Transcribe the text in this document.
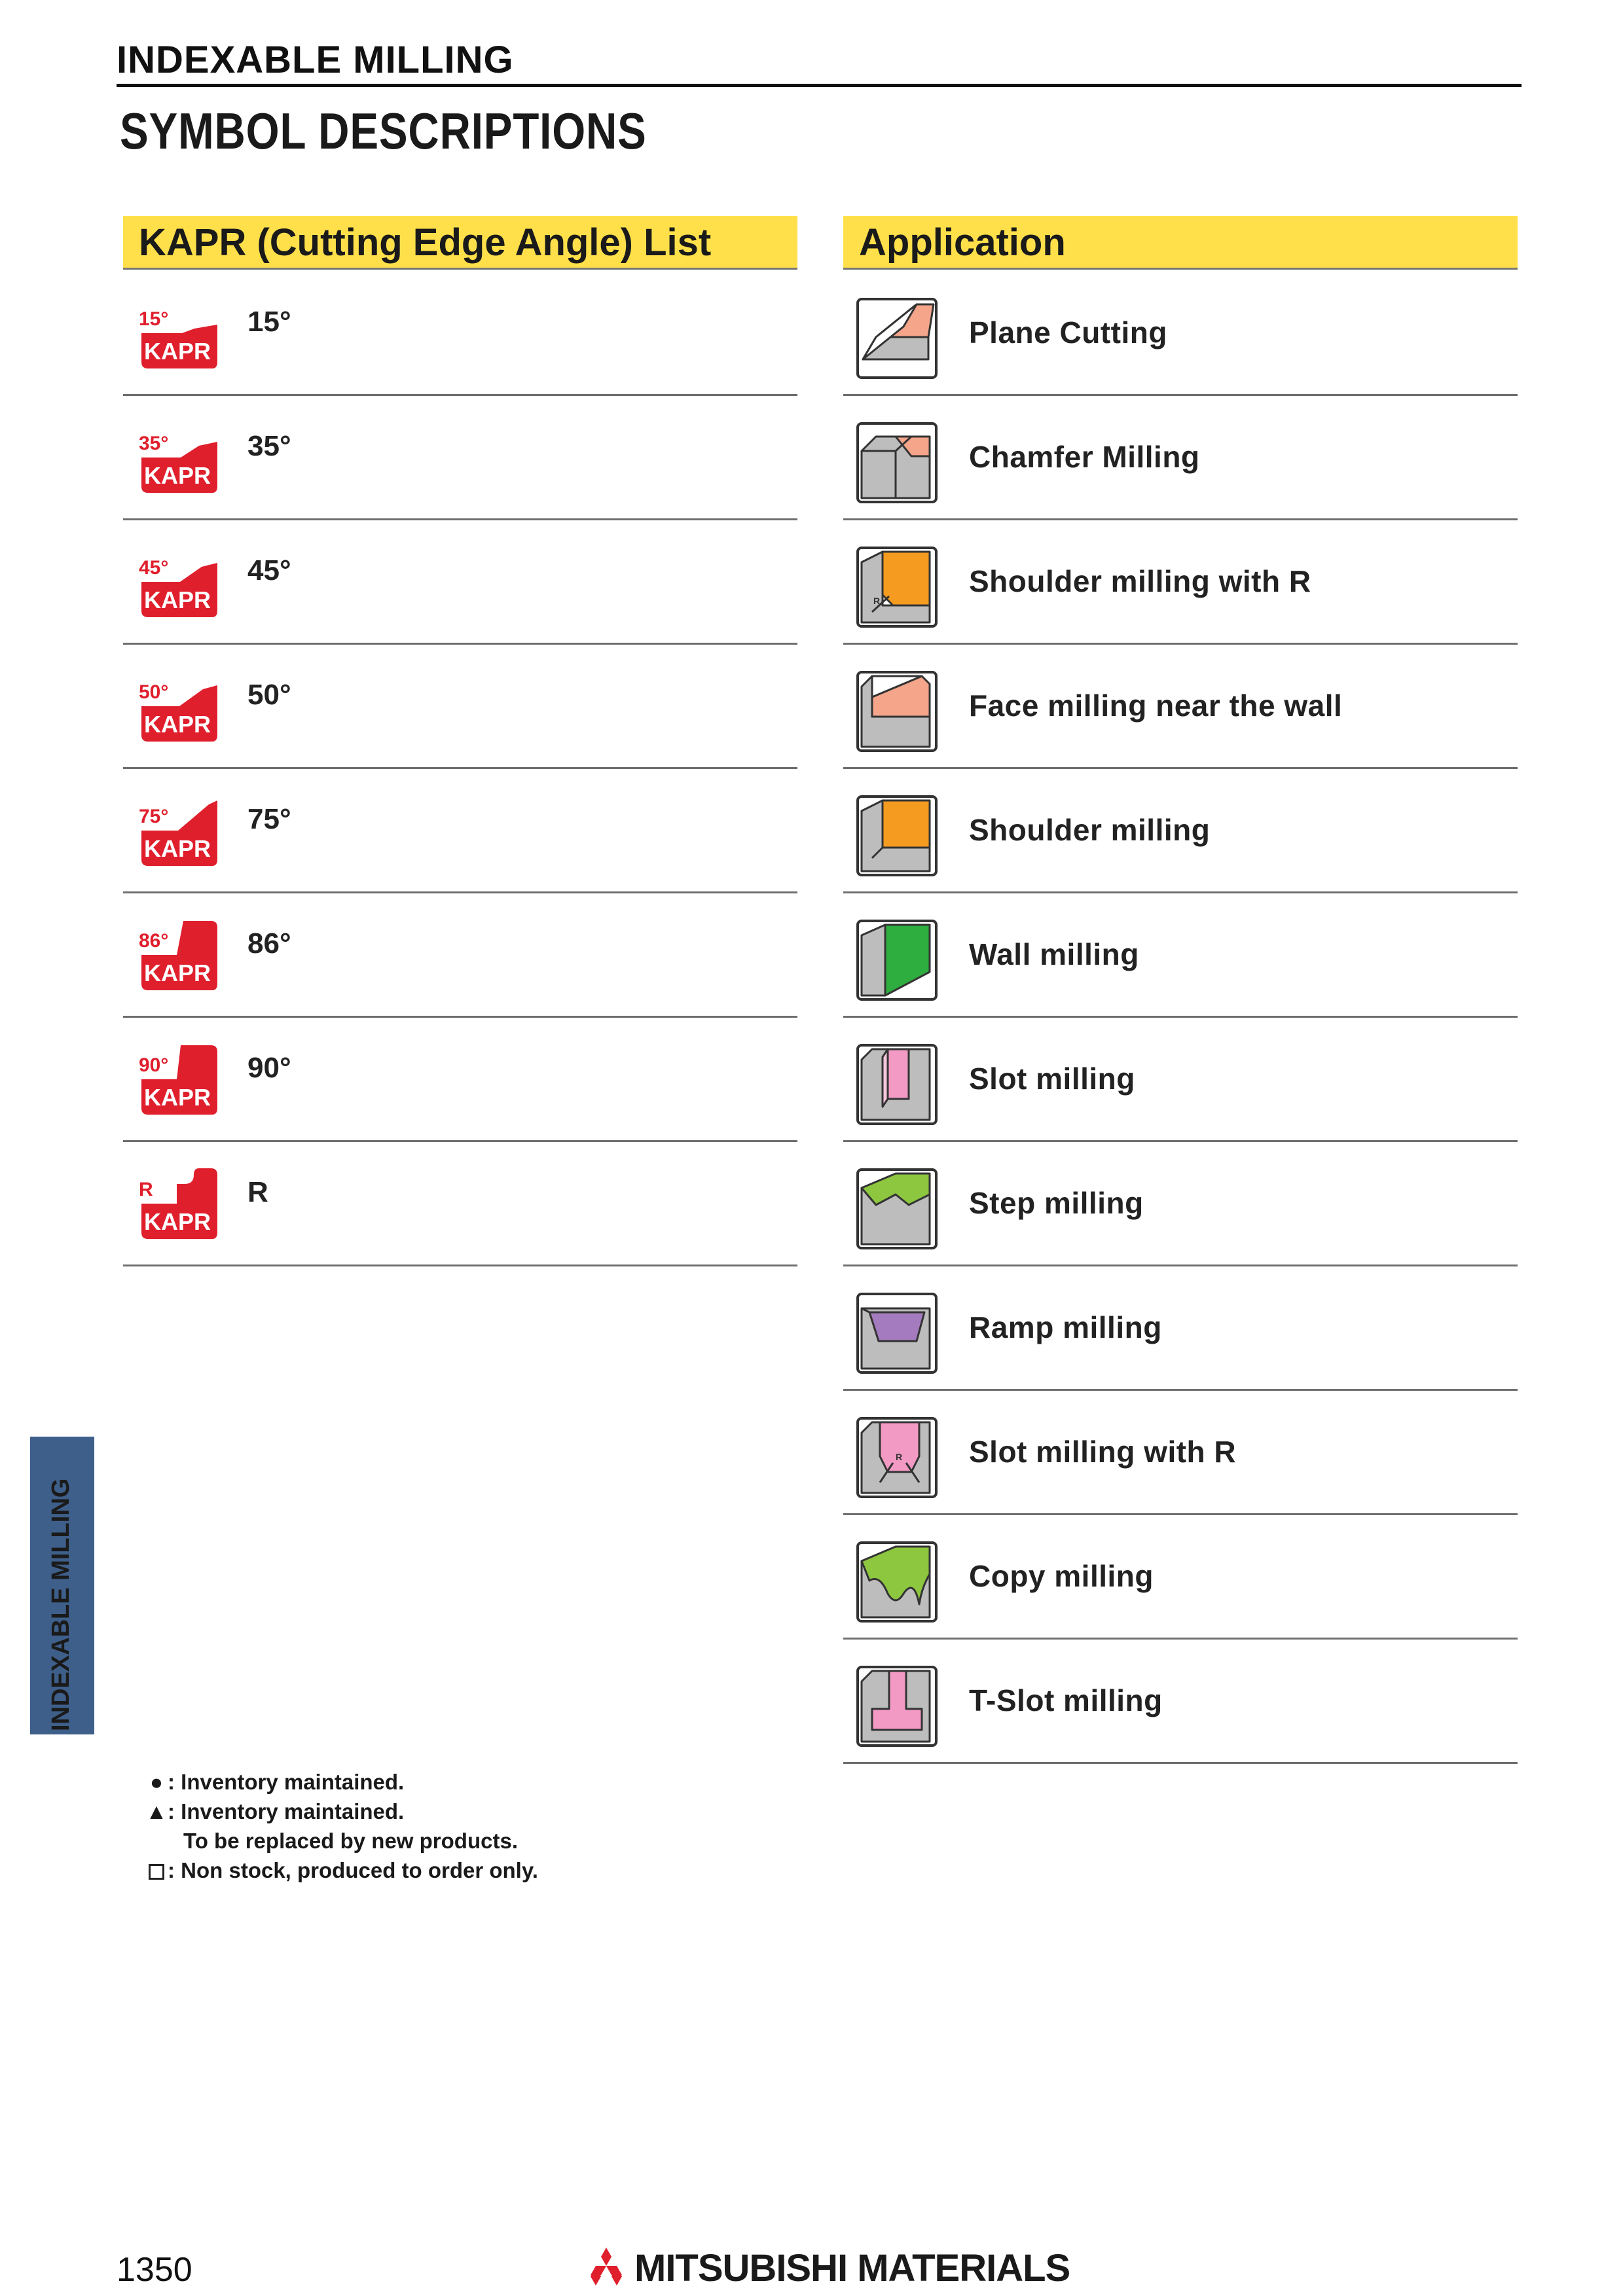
INDEXABLE MILLING
SYMBOL DESCRIPTIONS
KAPR (Cutting Edge Angle) List	Application
15°
KAPR
15°
35°
KAPR
35°
45°
KAPR
45°
50°
KAPR
50°
75°
KAPR
75°
86°
KAPR
86°
90°
KAPR
90°
R
KAPR
R
Plane Cutting
Chamfer Milling
R
Shoulder milling with R
Face milling near the wall
Shoulder milling
Wall milling
Slot milling
Step milling
Ramp milling
R Slot milling with R
Copy milling
T-Slot milling
INDEXABLE MILLING
● : Inventory maintained.
▲: Inventory maintained.
To be replaced by new products.
: Non stock, produced to order only.
1350	MITSUBISHI MATERIALS
